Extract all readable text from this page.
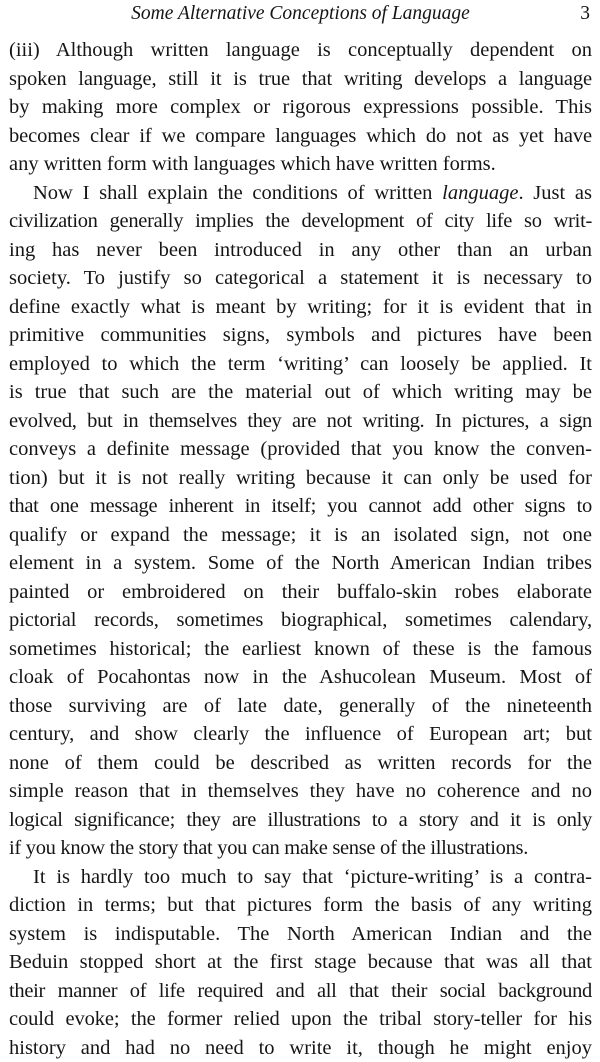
Some Alternative Conceptions of Language	3

(iii) Although written language is conceptually dependent on
spoken language, still it is true that writing develops a language
by making more complex or rigorous expressions possible. This
becomes clear if we compare languages which do not as yet have
any written form with languages which have written forms.

Now I shall explain the conditions of written language. Just as
civilization generally implies the development of city life so writ-
ing has never been introduced in any other than an urban
society. To justify so categorical a statement it is necessary to
define exactly what is meant by writing; for it is evident that in
primitive communities signs, symbols and pictures have been
employed to which the term ‘writing’ can loosely be applied. It
is true that such are the material out of which writing may be
evolved, but in themselves they are not writing. In pictures, a sign
conveys a definite message (provided that you know the conven-
tion) but it is not really writing because it can only be used for
that one message inherent in itself; you cannot add other signs to
qualify or expand the message; it is an isolated sign, not one
element in a system. Some of the North American Indian tribes
painted or embroidered on their buffalo-skin robes elaborate
pictorial records, sometimes biographical, sometimes calendary,
sometimes historical; the earliest known of these is the famous
cloak of Pocahontas now in the Ashucolean Museum. Most of
those surviving are of late date, generally of the nineteenth
century, and show clearly the influence of European art; but
none of them could be described as written records for the
simple reason that in themselves they have no coherence and no
logical significance; they are illustrations to a story and it is only
if you know the story that you can make sense of the illustrations.

It is hardly too much to say that ‘picture-writing’ is a contra-
diction in terms; but that pictures form the basis of any writing
system is indisputable. The North American Indian and the
Beduin stopped short at the first stage because that was all that
their manner of life required and all that their social background
could evoke; the former relied upon the tribal story-teller for his
history and had no need to write it, though he might enjoy
